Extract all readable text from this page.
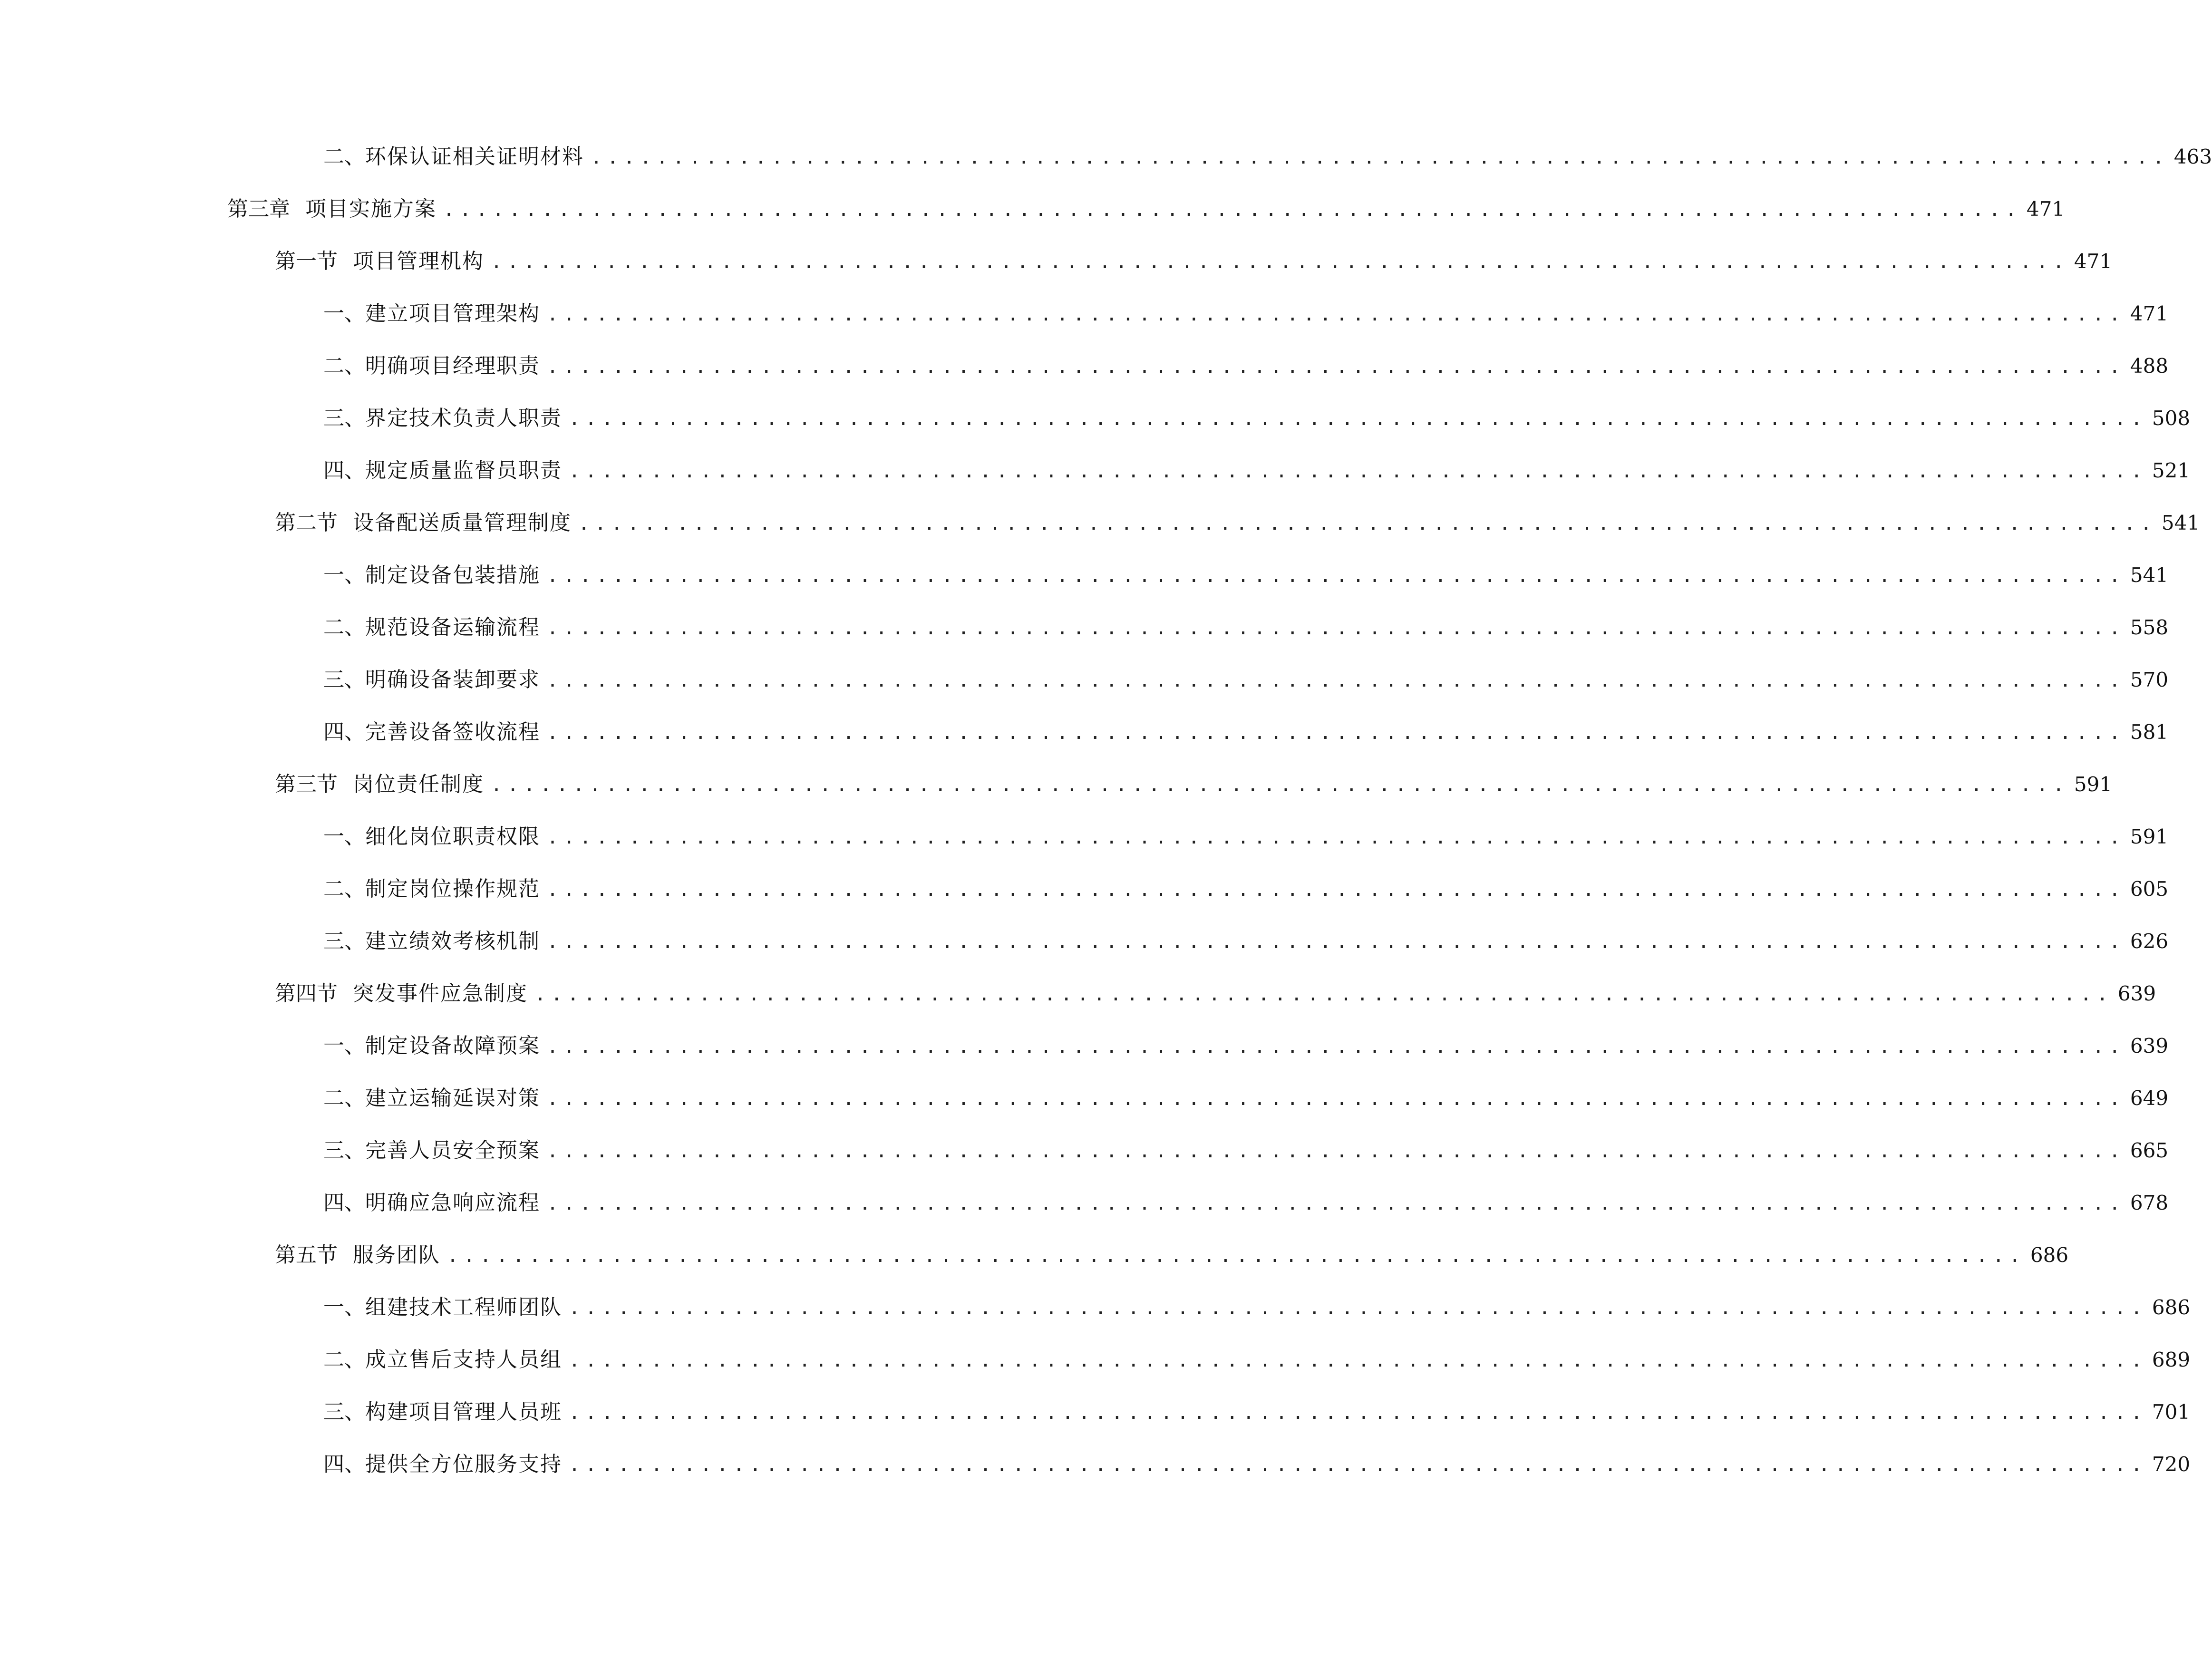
二、 环保认证相关证明材料 ................................................................................................ 463
第三章 项目实施方案 ................................................................................................ 471
第一节 项目管理机构 ................................................................................................ 471
一、 建立项目管理架构 ................................................................................................ 471
二、 明确项目经理职责 ................................................................................................ 488
三、 界定技术负责人职责 ................................................................................................ 508
四、 规定质量监督员职责 ................................................................................................ 521
第二节 设备配送质量管理制度 ................................................................................................ 541
一、 制定设备包装措施 ................................................................................................ 541
二、 规范设备运输流程 ................................................................................................ 558
三、 明确设备装卸要求 ................................................................................................ 570
四、 完善设备签收流程 ................................................................................................ 581
第三节 岗位责任制度 ................................................................................................ 591
一、 细化岗位职责权限 ................................................................................................ 591
二、 制定岗位操作规范 ................................................................................................ 605
三、 建立绩效考核机制 ................................................................................................ 626
第四节 突发事件应急制度 ................................................................................................ 639
一、 制定设备故障预案 ................................................................................................ 639
二、 建立运输延误对策 ................................................................................................ 649
三、 完善人员安全预案 ................................................................................................ 665
四、 明确应急响应流程 ................................................................................................ 678
第五节 服务团队 ................................................................................................ 686
一、 组建技术工程师团队 ................................................................................................ 686
二、 成立售后支持人员组 ................................................................................................ 689
三、 构建项目管理人员班 ................................................................................................ 701
四、 提供全方位服务支持 ................................................................................................ 720
